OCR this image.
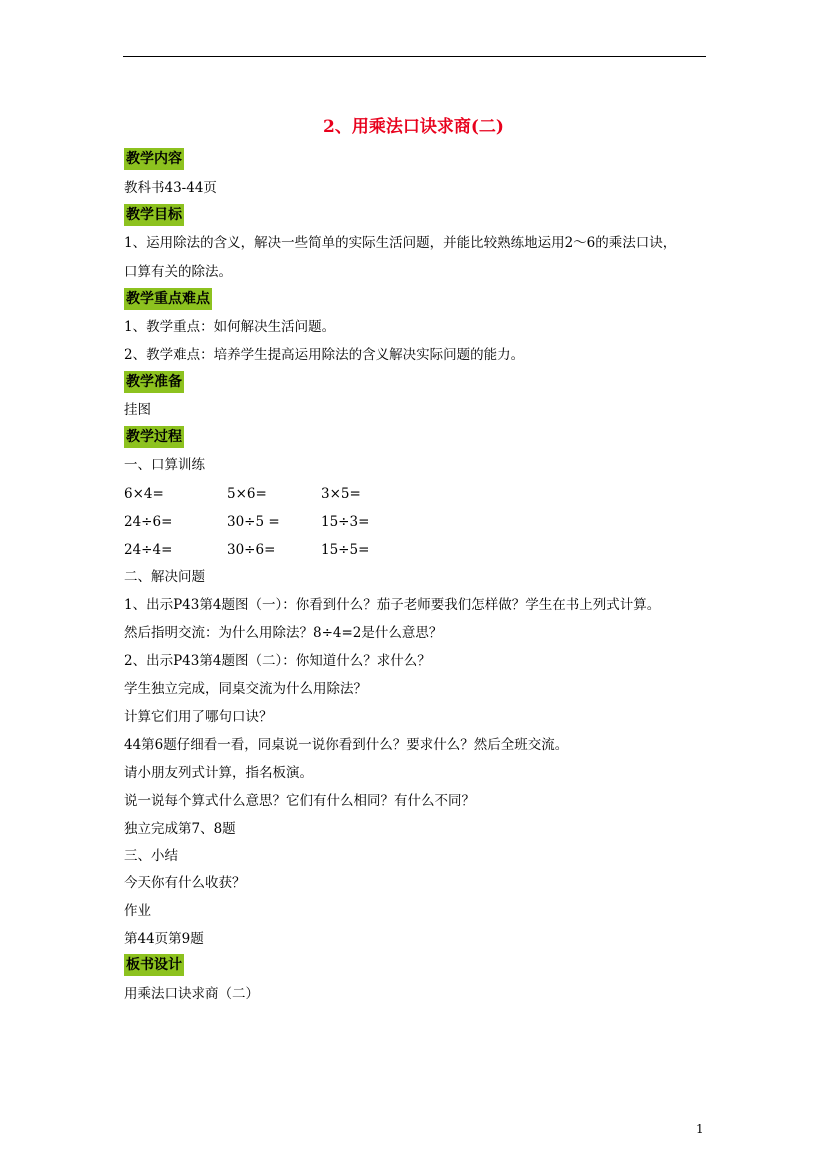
2、用乘法口诀求商(二)
教学内容
教科书43-44页
教学目标
1、运用除法的含义，解决一些简单的实际生活问题，并能比较熟练地运用2～6的乘法口诀，
口算有关的除法。
教学重点难点
1、教学重点：如何解决生活问题。
2、教学难点：培养学生提高运用除法的含义解决实际问题的能力。
教学准备
挂图
教学过程
一、口算训练
6×4=	5×6=	3×5=
24÷6=	30÷5 =	15÷3=
24÷4=	30÷6=	15÷5=
二、解决问题
1、出示P43第4题图（一）：你看到什么？茄子老师要我们怎样做？学生在书上列式计算。
然后指明交流：为什么用除法？8÷4=2是什么意思？
2、出示P43第4题图（二）：你知道什么？求什么？
学生独立完成，同桌交流为什么用除法？
计算它们用了哪句口诀？
44第6题仔细看一看，同桌说一说你看到什么？要求什么？然后全班交流。
请小朋友列式计算，指名板演。
说一说每个算式什么意思？它们有什么相同？有什么不同？
独立完成第7、8题
三、小结
今天你有什么收获？
作业
第44页第9题
板书设计
用乘法口诀求商（二）
1
